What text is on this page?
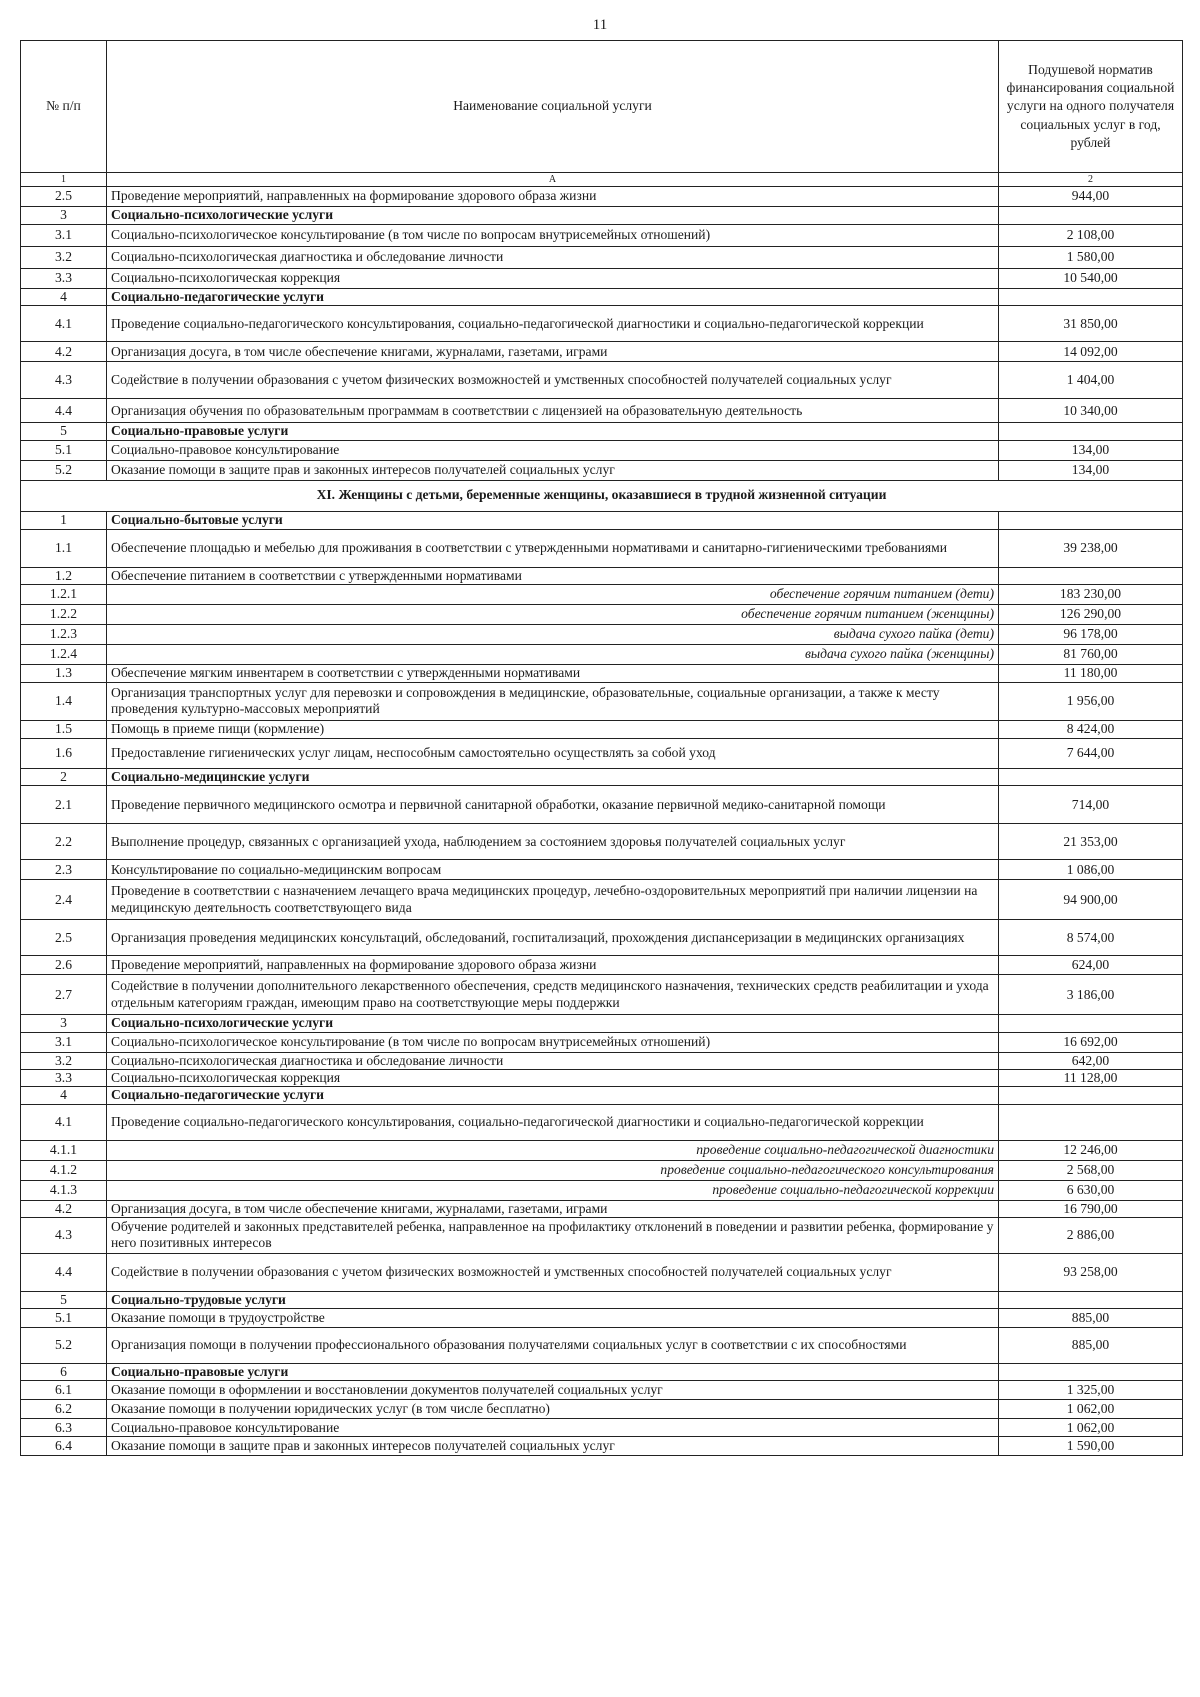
11
№ п/п	Наименование социальной услуги	Подушевой норматив финансирования социальной услуги на одного получателя социальных услуг в год, рублей
1	А	2
2.5	Проведение мероприятий, направленных на формирование здорового образа жизни	944,00
3	Социально-психологические услуги	
3.1	Социально-психологическое консультирование (в том числе по вопросам внутрисемейных отношений)	2 108,00
3.2	Социально-психологическая диагностика и обследование личности	1 580,00
3.3	Социально-психологическая коррекция	10 540,00
4	Социально-педагогические услуги	
4.1	Проведение социально-педагогического консультирования, социально-педагогической диагностики и социально-педагогической коррекции	31 850,00
4.2	Организация досуга, в том числе обеспечение книгами, журналами, газетами, играми	14 092,00
4.3	Содействие в получении образования с учетом физических возможностей и умственных способностей получателей социальных услуг	1 404,00
4.4	Организация обучения по образовательным программам в соответствии с лицензией на образовательную деятельность	10 340,00
5	Социально-правовые услуги	
5.1	Социально-правовое консультирование	134,00
5.2	Оказание помощи в защите прав и законных интересов получателей социальных услуг	134,00
XI. Женщины с детьми, беременные женщины, оказавшиеся в трудной жизненной ситуации		
1	Социально-бытовые услуги	
1.1	Обеспечение площадью и мебелью для проживания в соответствии с утвержденными нормативами и санитарно-гигиеническими требованиями	39 238,00
1.2	Обеспечение питанием в соответствии с утвержденными нормативами	
1.2.1	обеспечение горячим питанием (дети)	183 230,00
1.2.2	обеспечение горячим питанием (женщины)	126 290,00
1.2.3	выдача сухого пайка (дети)	96 178,00
1.2.4	выдача сухого пайка (женщины)	81 760,00
1.3	Обеспечение мягким инвентарем в соответствии с утвержденными нормативами	11 180,00
1.4	Организация транспортных услуг для перевозки и сопровождения в медицинские, образовательные, социальные организации, а также к месту проведения культурно-массовых мероприятий	1 956,00
1.5	Помощь в приеме пищи (кормление)	8 424,00
1.6	Предоставление гигиенических услуг лицам, неспособным самостоятельно осуществлять за собой уход	7 644,00
2	Социально-медицинские услуги	
2.1	Проведение первичного медицинского осмотра и первичной санитарной обработки, оказание первичной медико-санитарной помощи	714,00
2.2	Выполнение процедур, связанных с организацией ухода, наблюдением за состоянием здоровья получателей социальных услуг	21 353,00
2.3	Консультирование по социально-медицинским вопросам	1 086,00
2.4	Проведение в соответствии с назначением лечащего врача медицинских процедур, лечебно-оздоровительных мероприятий при наличии лицензии на медицинскую деятельность соответствующего вида	94 900,00
2.5	Организация проведения медицинских консультаций, обследований, госпитализаций, прохождения диспансеризации в медицинских организациях	8 574,00
2.6	Проведение мероприятий, направленных на формирование здорового образа жизни	624,00
2.7	Содействие в получении дополнительного лекарственного обеспечения, средств медицинского назначения, технических средств реабилитации и ухода отдельным категориям граждан, имеющим право на соответствующие меры поддержки	3 186,00
3	Социально-психологические услуги	
3.1	Социально-психологическое консультирование (в том числе по вопросам внутрисемейных отношений)	16 692,00
3.2	Социально-психологическая диагностика и обследование личности	642,00
3.3	Социально-психологическая коррекция	11 128,00
4	Социально-педагогические услуги	
4.1	Проведение социально-педагогического консультирования, социально-педагогической диагностики и социально-педагогической коррекции	
4.1.1	проведение социально-педагогической диагностики	12 246,00
4.1.2	проведение социально-педагогического консультирования	2 568,00
4.1.3	проведение социально-педагогической коррекции	6 630,00
4.2	Организация досуга, в том числе обеспечение книгами, журналами, газетами, играми	16 790,00
4.3	Обучение родителей и законных представителей ребенка, направленное на профилактику отклонений в поведении и развитии ребенка, формирование у него позитивных интересов	2 886,00
4.4	Содействие в получении образования с учетом физических возможностей и умственных способностей получателей социальных услуг	93 258,00
5	Социально-трудовые услуги	
5.1	Оказание помощи в трудоустройстве	885,00
5.2	Организация помощи в получении профессионального образования получателями социальных услуг в соответствии с их способностями	885,00
6	Социально-правовые услуги	
6.1	Оказание помощи в оформлении и восстановлении документов получателей социальных услуг	1 325,00
6.2	Оказание помощи в получении юридических услуг (в том числе бесплатно)	1 062,00
6.3	Социально-правовое консультирование	1 062,00
6.4	Оказание помощи в защите прав и законных интересов получателей социальных услуг	1 590,00
